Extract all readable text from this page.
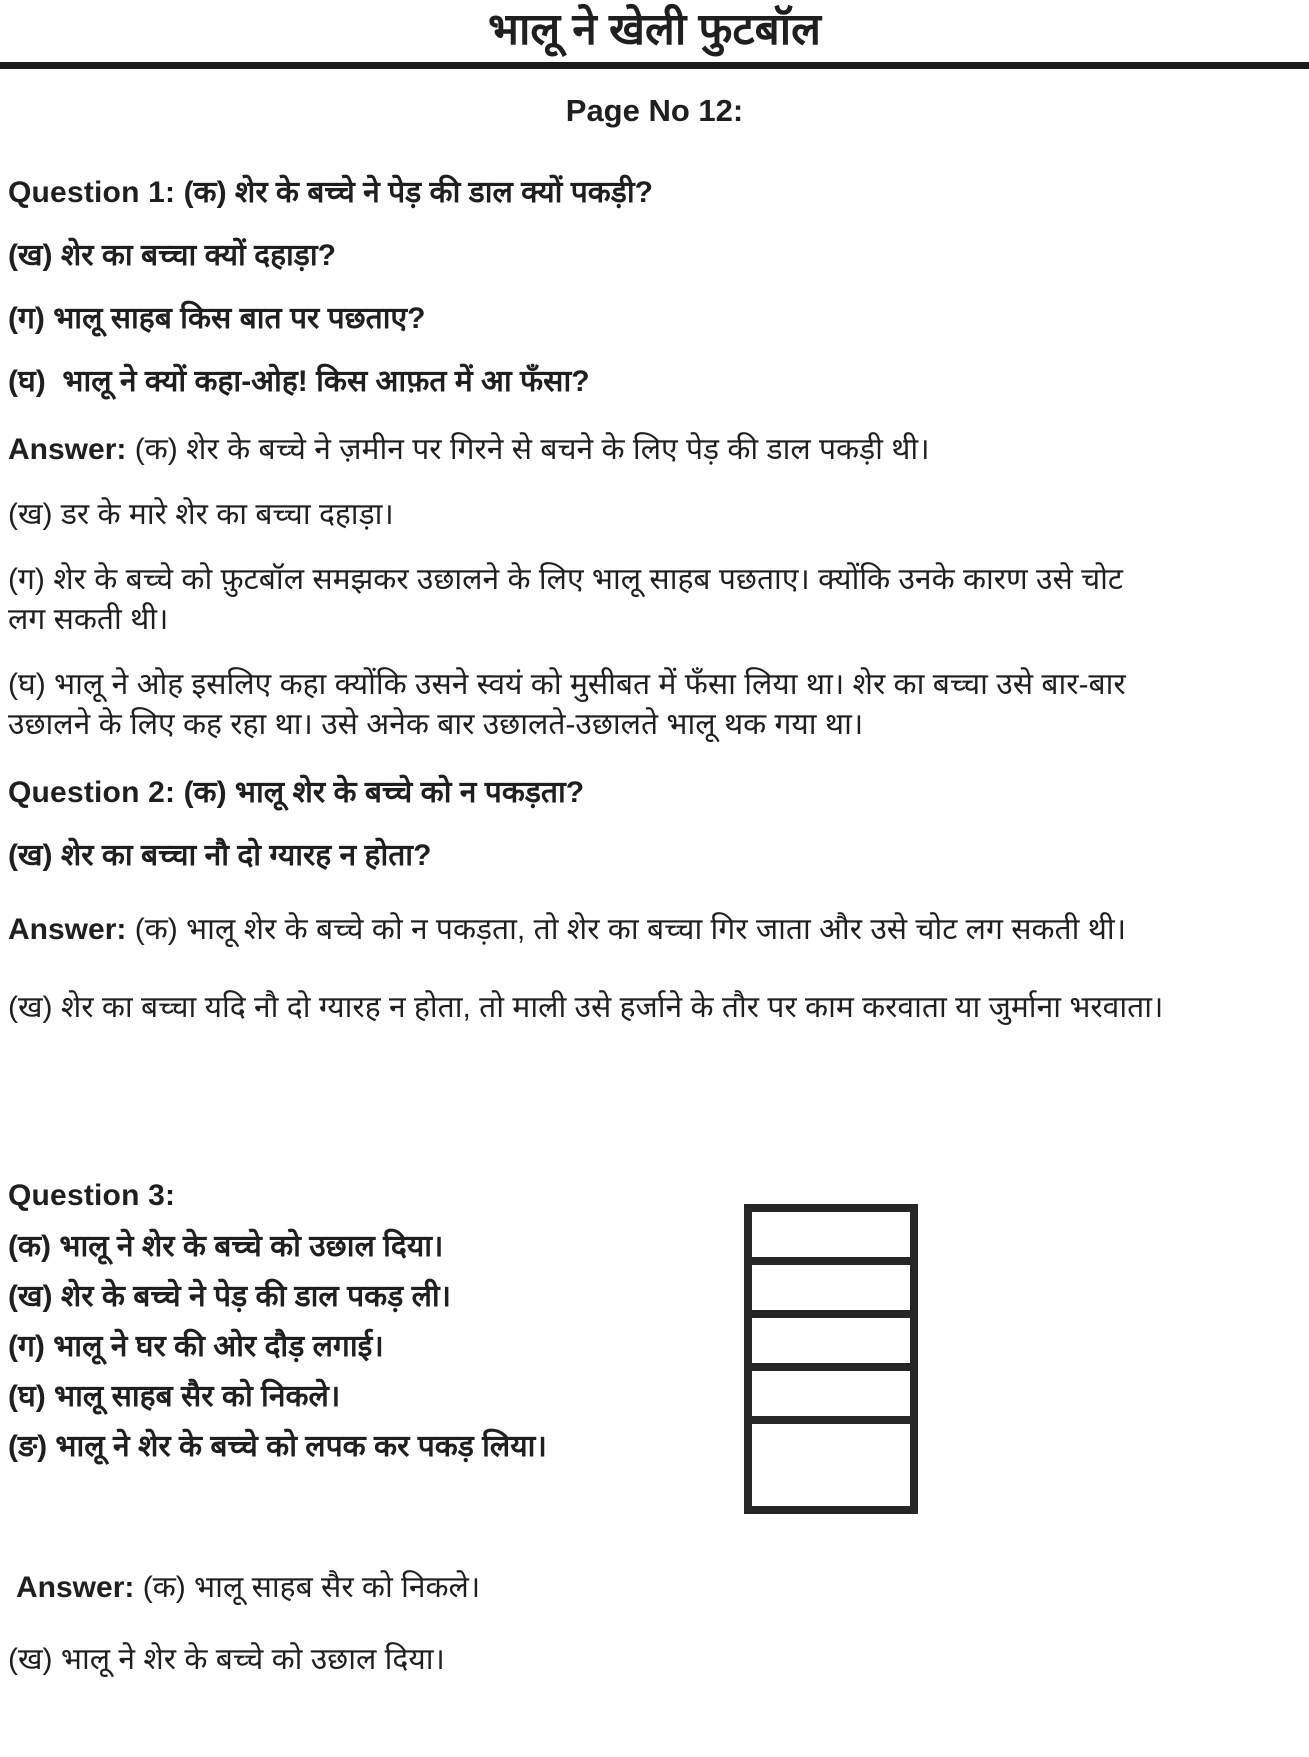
भालू ने खेली फुटबॉल
Page No 12:
Question 1: (क) शेर के बच्चे ने पेड़ की डाल क्यों पकड़ी?
(ख) शेर का बच्चा क्यों दहाड़ा?
(ग) भालू साहब किस बात पर पछताए?
(घ)  भालू ने क्यों कहा-ओह! किस आफ़त में आ फँसा?
Answer: (क) शेर के बच्चे ने ज़मीन पर गिरने से बचने के लिए पेड़ की डाल पकड़ी थी।
(ख) डर के मारे शेर का बच्चा दहाड़ा।
(ग) शेर के बच्चे को फ़ुटबॉल समझकर उछालने के लिए भालू साहब पछताए। क्योंकि उनके कारण उसे चोट लग सकती थी।
(घ) भालू ने ओह इसलिए कहा क्योंकि उसने स्वयं को मुसीबत में फँसा लिया था। शेर का बच्चा उसे बार-बार उछालने के लिए कह रहा था। उसे अनेक बार उछालते-उछालते भालू थक गया था।
Question 2: (क) भालू शेर के बच्चे को न पकड़ता?
(ख) शेर का बच्चा नौ दो ग्यारह न होता?
Answer: (क) भालू शेर के बच्चे को न पकड़ता, तो शेर का बच्चा गिर जाता और उसे चोट लग सकती थी।
(ख) शेर का बच्चा यदि नौ दो ग्यारह न होता, तो माली उसे हर्जाने के तौर पर काम करवाता या जुर्माना भरवाता।
Question 3:
(क) भालू ने शेर के बच्चे को उछाल दिया।
(ख) शेर के बच्चे ने पेड़ की डाल पकड़ ली।
(ग) भालू ने घर की ओर दौड़ लगाई।
(घ) भालू साहब सैर को निकले।
(ङ) भालू ने शेर के बच्चे को लपक कर पकड़ लिया।
Answer: (क) भालू साहब सैर को निकले।
(ख) भालू ने शेर के बच्चे को उछाल दिया।
